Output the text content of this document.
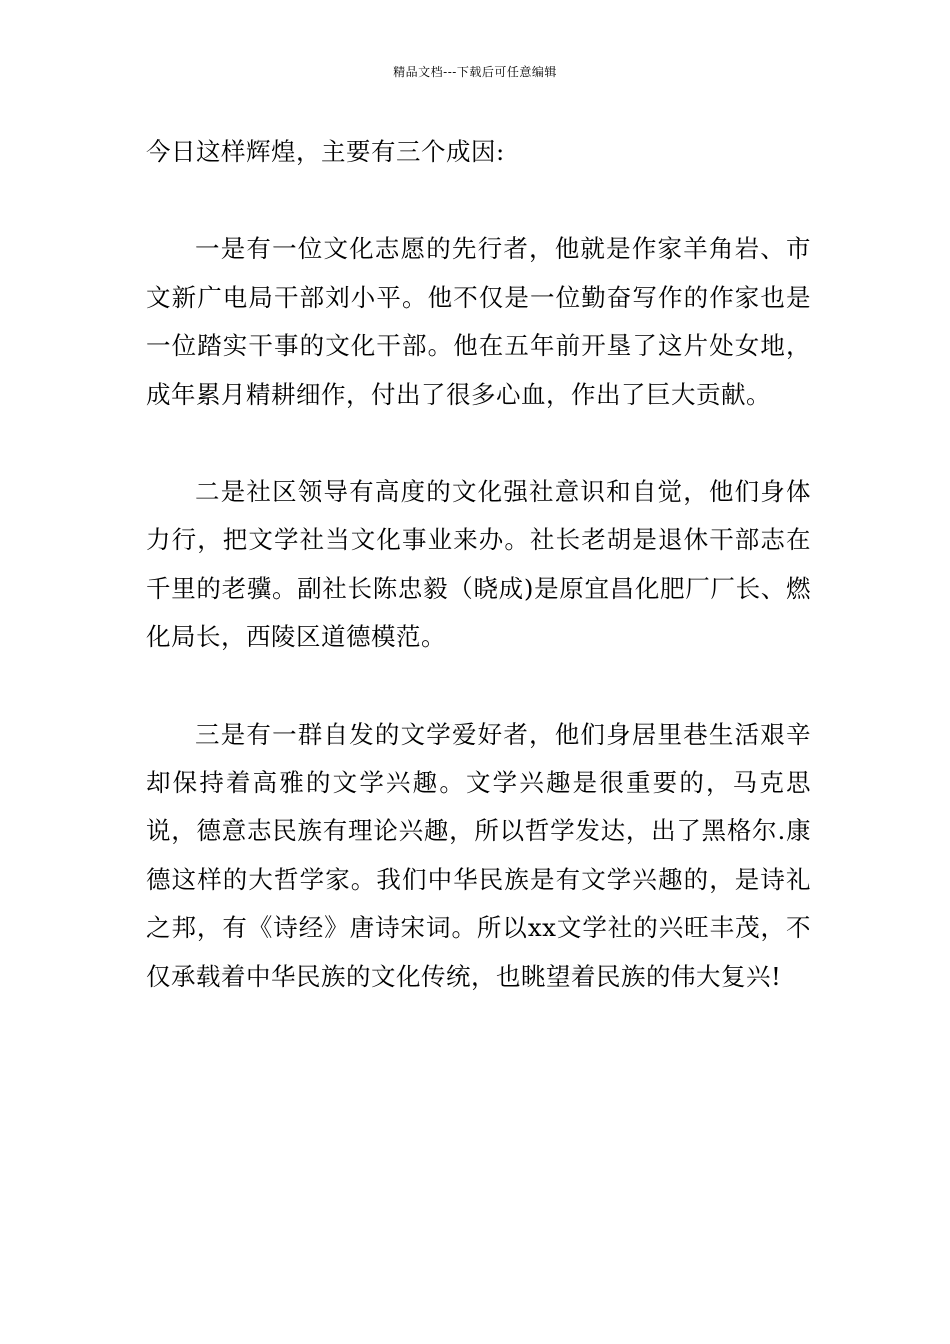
精品文档---下载后可任意编辑

今日这样辉煌，主要有三个成因:

一是有一位文化志愿的先行者，他就是作家羊角岩、市文新广电局干部刘小平。他不仅是一位勤奋写作的作家也是一位踏实干事的文化干部。他在五年前开垦了这片处女地，成年累月精耕细作，付出了很多心血，作出了巨大贡献。

二是社区领导有高度的文化强社意识和自觉，他们身体力行，把文学社当文化事业来办。社长老胡是退休干部志在千里的老骥。副社长陈忠毅（晓成)是原宜昌化肥厂厂长、燃化局长，西陵区道德模范。

三是有一群自发的文学爱好者，他们身居里巷生活艰辛却保持着高雅的文学兴趣。文学兴趣是很重要的，马克思说，德意志民族有理论兴趣，所以哲学发达，出了黑格尔.康德这样的大哲学家。我们中华民族是有文学兴趣的，是诗礼之邦，有《诗经》唐诗宋词。所以xx文学社的兴旺丰茂，不仅承载着中华民族的文化传统，也眺望着民族的伟大复兴!
